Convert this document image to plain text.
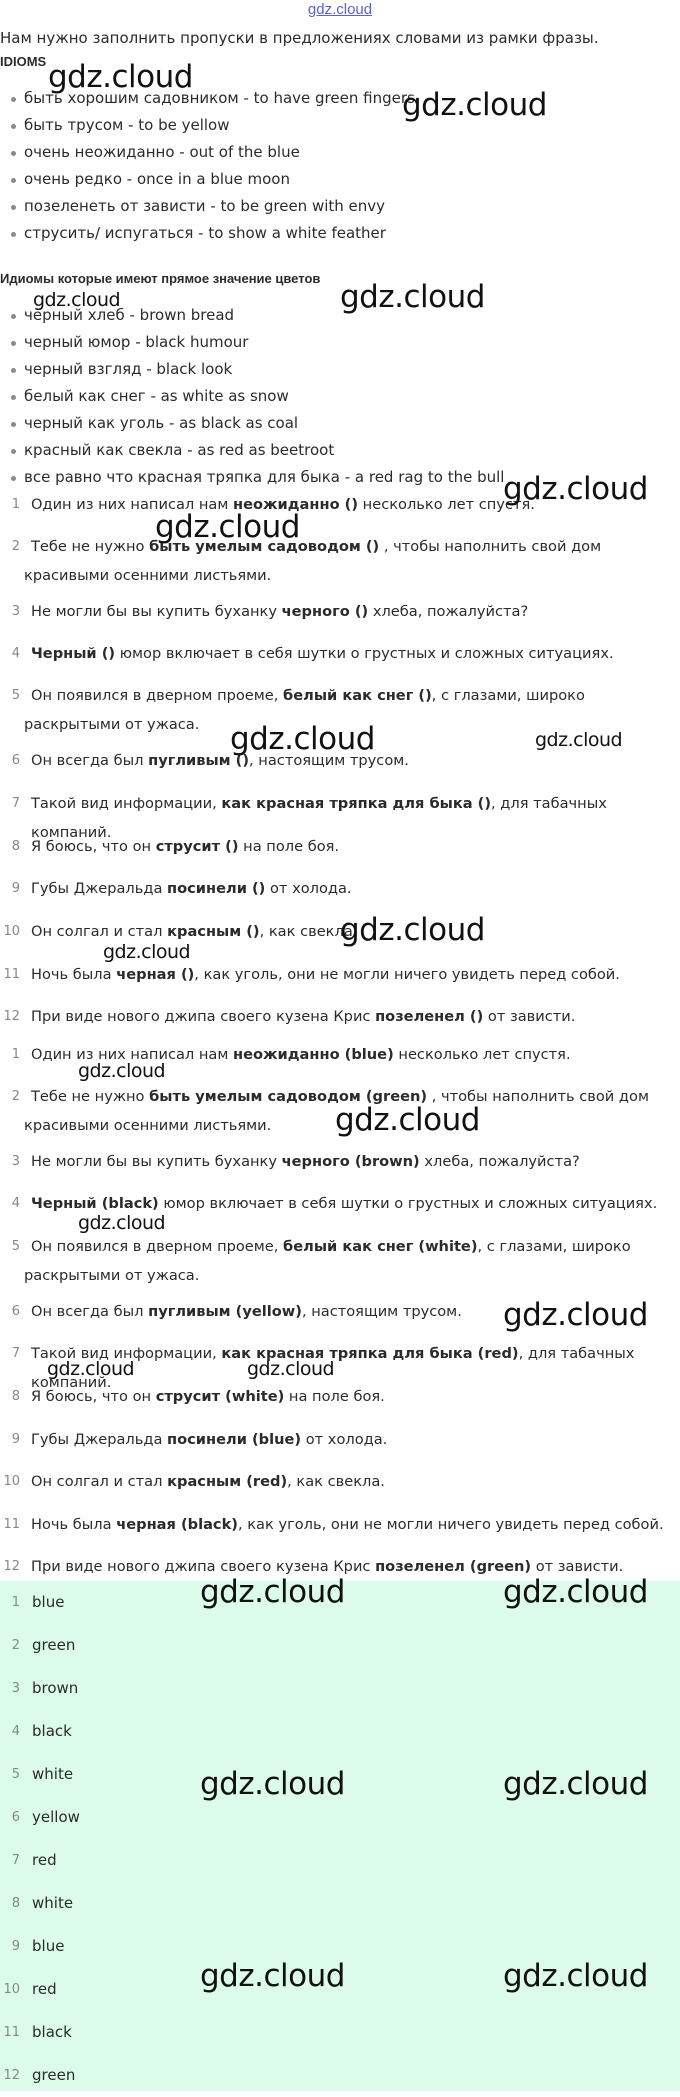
gdz.cloud
Нам нужно заполнить пропуски в предложениях словами из рамки фразы.
IDIOMS
быть хорошим садовником - to have green fingers
быть трусом - to be yellow
очень неожиданно - out of the blue
очень редко - once in a blue moon
позеленеть от зависти - to be green with envy
струсить/ испугаться - to show a white feather
Идиомы которые имеют прямое значение цветов
черный хлеб - brown bread
черный юмор - black humour
черный взгляд - black look
белый как снег - as white as snow
черный как уголь - as black as coal
красный как свекла - as red as beetroot
все равно что красная тряпка для быка - a red rag to the bull
1 Один из них написал нам неожиданно () несколько лет спустя.
2 Тебе не нужно быть умелым садоводом () , чтобы наполнить свой дом красивыми осенними листьями.
3 Не могли бы вы купить буханку черного () хлеба, пожалуйста?
4 Черный () юмор включает в себя шутки о грустных и сложных ситуациях.
5 Он появился в дверном проеме, белый как снег (), с глазами, широко раскрытыми от ужаса.
6 Он всегда был пугливым (), настоящим трусом.
7 Такой вид информации, как красная тряпка для быка (), для табачных компаний.
8 Я боюсь, что он струсит () на поле боя.
9 Губы Джеральда посинели () от холода.
10 Он солгал и стал красным (), как свекла.
11 Ночь была черная (), как уголь, они не могли ничего увидеть перед собой.
12 При виде нового джипа своего кузена Крис позеленел () от зависти.
1 Один из них написал нам неожиданно (blue) несколько лет спустя.
2 Тебе не нужно быть умелым садоводом (green) , чтобы наполнить свой дом красивыми осенними листьями.
3 Не могли бы вы купить буханку черного (brown) хлеба, пожалуйста?
4 Черный (black) юмор включает в себя шутки о грустных и сложных ситуациях.
5 Он появился в дверном проеме, белый как снег (white), с глазами, широко раскрытыми от ужаса.
6 Он всегда был пугливым (yellow), настоящим трусом.
7 Такой вид информации, как красная тряпка для быка (red), для табачных компаний.
8 Я боюсь, что он струсит (white) на поле боя.
9 Губы Джеральда посинели (blue) от холода.
10 Он солгал и стал красным (red), как свекла.
11 Ночь была черная (black), как уголь, они не могли ничего увидеть перед собой.
12 При виде нового джипа своего кузена Крис позеленел (green) от зависти.
1 blue
2 green
3 brown
4 black
5 white
6 yellow
7 red
8 white
9 blue
10 red
11 black
12 green
gdz.cloud
gdz.cloud
gdz.cloud	gdz.cloud
gdz.cloud
gdz.cloud
gdz.cloud	gdz.cloud
gdz.cloud
gdz.cloud
gdz.cloud
gdz.cloud
gdz.cloud
gdz.cloud
gdz.cloud	gdz.cloud
gdz.cloud	gdz.cloud
gdz.cloud	gdz.cloud
gdz.cloud	gdz.cloud
